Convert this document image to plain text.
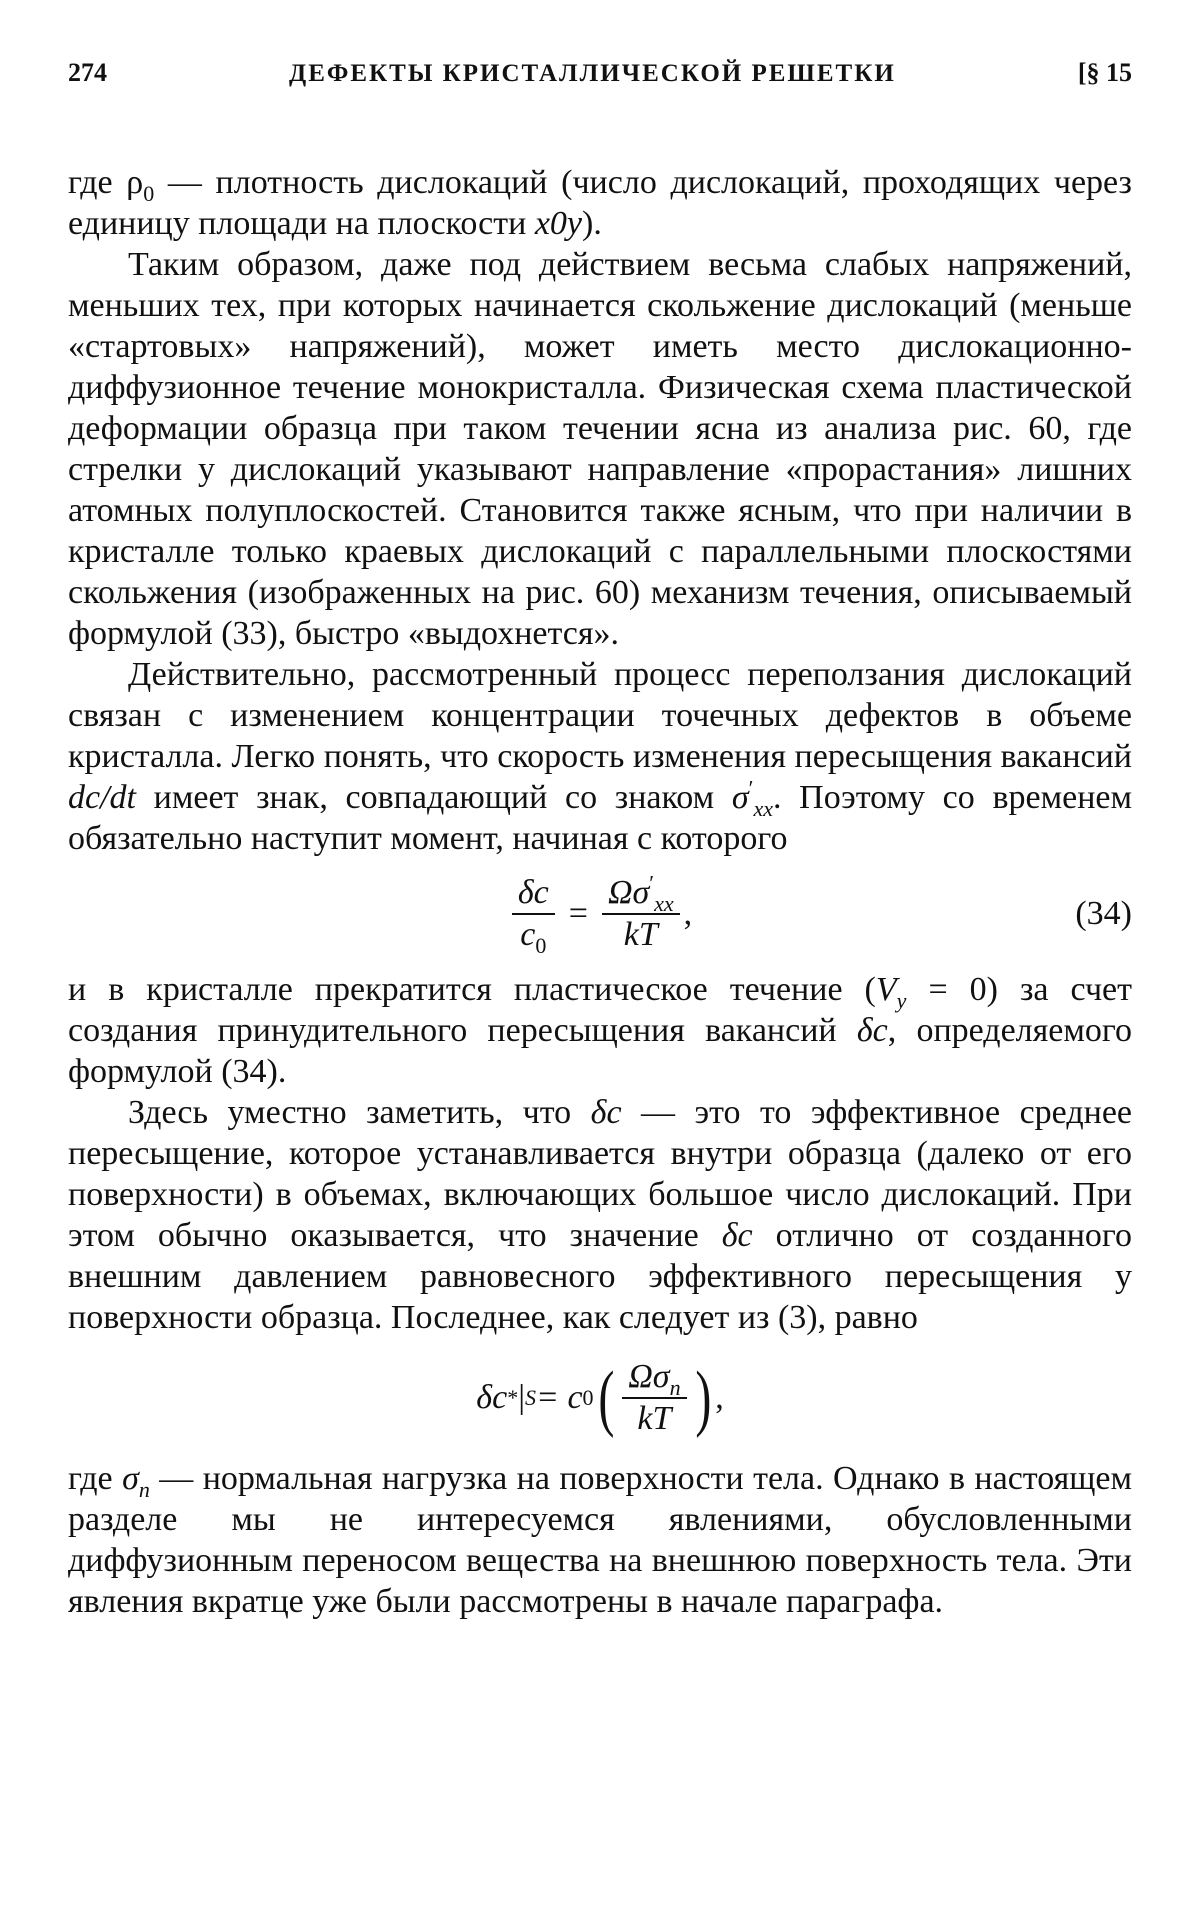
274	ДЕФЕКТЫ КРИСТАЛЛИЧЕСКОЙ РЕШЕТКИ	[§ 15

где $\rho_0$ — плотность дислокаций (число дислокаций, проходящих через единицу площади на плоскости x0y).

Таким образом, даже под действием весьма слабых напряжений, меньших тех, при которых начинается скольжение дислокаций (меньше «стартовых» напряжений), может иметь место дислокационно-диффузионное течение монокристалла. Физическая схема пластической деформации образца при таком течении ясна из анализа рис. 60, где стрелки у дислокаций указывают направление «прорастания» лишних атомных полуплоскостей. Становится также ясным, что при наличии в кристалле только краевых дислокаций с параллельными плоскостями скольжения (изображенных на рис. 60) механизм течения, описываемый формулой (33), быстро «выдохнется».

Действительно, рассмотренный процесс переползания дислокаций связан с изменением концентрации точечных дефектов в объеме кристалла. Легко понять, что скорость изменения пересыщения вакансий dc/dt имеет знак, совпадающий со знаком $\sigma'_{xx}$. Поэтому со временем обязательно наступит момент, начиная с которого

$\frac{\delta c}{c_0} = \frac{\Omega\sigma'_{xx}}{kT}$ ,	(34)

и в кристалле прекратится пластическое течение $(V_y = 0)$ за счет создания принудительного пересыщения вакансий δc, определяемого формулой (34).

Здесь уместно заметить, что δc — это то эффективное среднее пересыщение, которое устанавливается внутри образца (далеко от его поверхности) в объемах, включающих большое число дислокаций. При этом обычно оказывается, что значение δc отлично от созданного внешним давлением равновесного эффективного пересыщения у поверхности образца. Последнее, как следует из (3), равно

δc * | S = c 0 ( $\frac{\Omega\sigma_n}{kT}$ ) ,

где $\sigma_n$ — нормальная нагрузка на поверхности тела. Однако в настоящем разделе мы не интересуемся явлениями, обусловленными диффузионным переносом вещества на внешнюю поверхность тела. Эти явления вкратце уже были рассмотрены в начале параграфа.
